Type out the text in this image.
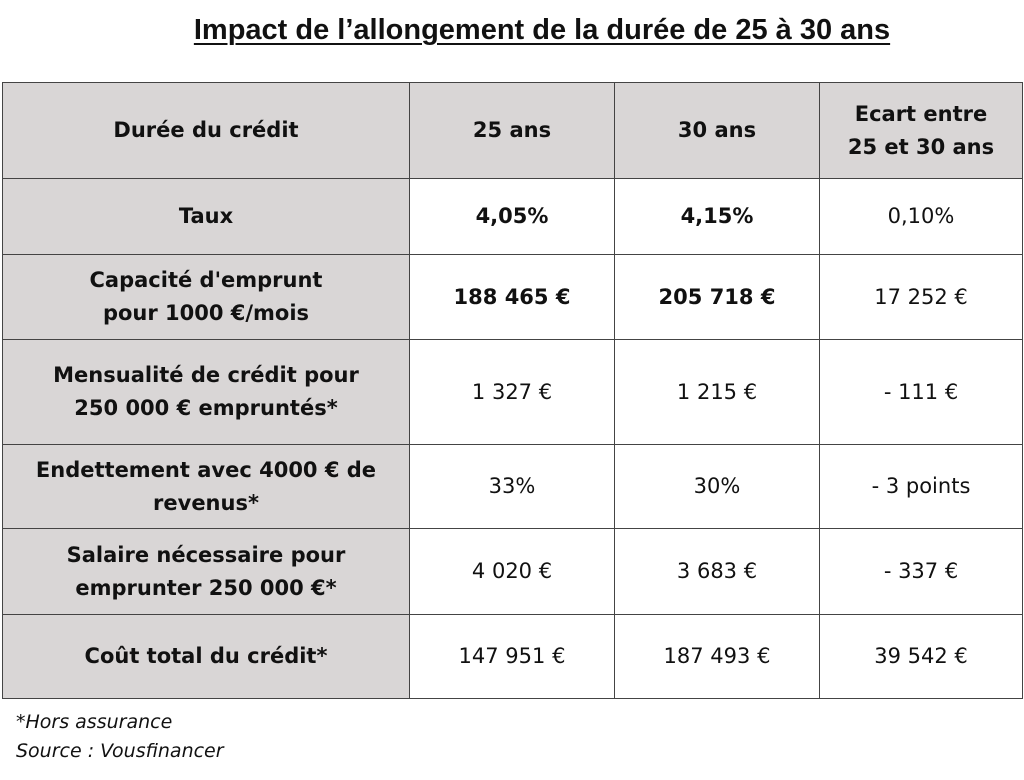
Impact de l’allongement de la durée de 25 à 30 ans
Durée du crédit	25 ans	30 ans	Ecart entre
25 et 30 ans

Taux	4,05%	4,15%	0,10%

Capacité d'emprunt
pour 1000 €/mois	188 465 €	205 718 €	17 252 €

Mensualité de crédit pour
250 000 € empruntés*	1 327 €	1 215 €	- 111 €

Endettement avec 4000 € de
revenus*	33%	30%	- 3 points

Salaire nécessaire pour
emprunter 250 000 €*	4 020 €	3 683 €	- 337 €

Coût total du crédit*	147 951 €	187 493 €	39 542 €
*Hors assurance
Source : Vousfinancer
